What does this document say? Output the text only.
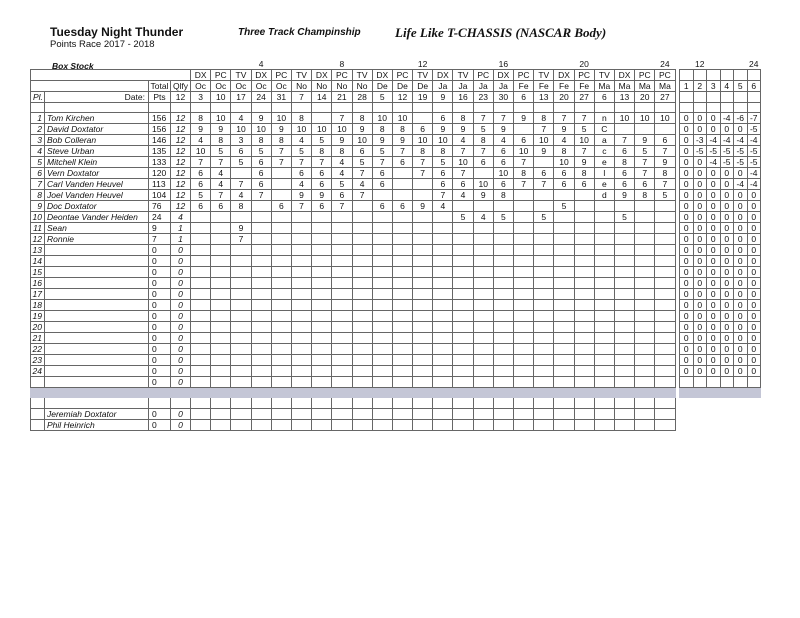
Tuesday Night Thunder
Points Race 2017 - 2018
Three Track Champinship	Life Like T-CHASSIS (NASCAR Body)
Box Stock
							4				8				12				16				20				24
				DX	PC	TV	DX	PC	TV	DX	PC	TV	DX	PC	TV	DX	TV	PC	DX	PC	TV	DX	PC	TV	DX	PC	PC
		Total	Qlfy	Oc	Oc	Oc	Oc	Oc	No	No	No	No	De	De	De	Ja	Ja	Ja	Ja	Fe	Fe	Fe	Fe	Ma	Ma	Ma	Ma
Pl.	Date:	Pts	12	3	10	17	24	31	7	14	21	28	5	12	19	9	16	23	30	6	13	20	27	6	13	20	27

1	Tom Kirchen	156	12	8	10	4	9	10	8		7	8	10	10		6	8	7	7	9	8	7	7	n	10	10	10
2	David Doxtator	156	12	9	9	10	10	9	10	10	10	9	8	8	6	9	9	5	9		7	9	5	C			
3	Bob Colleran	146	12	4	8	3	8	8	4	5	9	10	9	9	10	10	4	8	4	6	10	4	10	a	7	9	6
4	Steve Urban	135	12	10	5	6	5	7	5	8	8	6	5	7	8	8	7	7	6	10	9	8	7	c	6	5	7
5	Mitchell Klein	133	12	7	7	5	6	7	7	7	4	5	7	6	7	5	10	6	6	7		10	9	e	8	7	9
6	Vern Doxtator	120	12	6	4		6		6	6	4	7	6		7	6	7		10	8	6	6	8	l	6	7	8
7	Carl Vanden Heuvel	113	12	6	4	7	6		4	6	5	4	6			6	6	10	6	7	7	6	6	e	6	6	7
8	Joel Vanden Heuvel	104	12	5	7	4	7		9	9	6	7				7	4	9	8					d	9	8	5
9	Doc Doxtator	76	12	6	6	8		6	7	6	7		6	6	9	4						5					
10	Deontae Vander Heiden	24	4														5	4	5		5				5		
11	Sean	9	1			9																					
12	Ronnie	7	1			7																					
13		0	0																								
14		0	0																								
15		0	0																								
16		0	0																								
17		0	0																								
18		0	0																								
19		0	0																								
20		0	0																								
21		0	0																								
22		0	0																								
23		0	0																								
24		0	0																								
		0	0																								

	Jeremiah Doxtator	0	0																								
	Phil Heinrich	0	0																								
	12				24

1	2	3	4	5	6

0	0	0	-4	-6	-7
0	0	0	0	0	-5
0	-3	-4	-4	-4	-4
0	-5	-5	-5	-5	-5
0	0	-4	-5	-5	-5
0	0	0	0	0	-4
0	0	0	0	-4	-4
0	0	0	0	0	0
0	0	0	0	0	0
0	0	0	0	0	0
0	0	0	0	0	0
0	0	0	0	0	0
0	0	0	0	0	0
0	0	0	0	0	0
0	0	0	0	0	0
0	0	0	0	0	0
0	0	0	0	0	0
0	0	0	0	0	0
0	0	0	0	0	0
0	0	0	0	0	0
0	0	0	0	0	0
0	0	0	0	0	0
0	0	0	0	0	0
0	0	0	0	0	0
